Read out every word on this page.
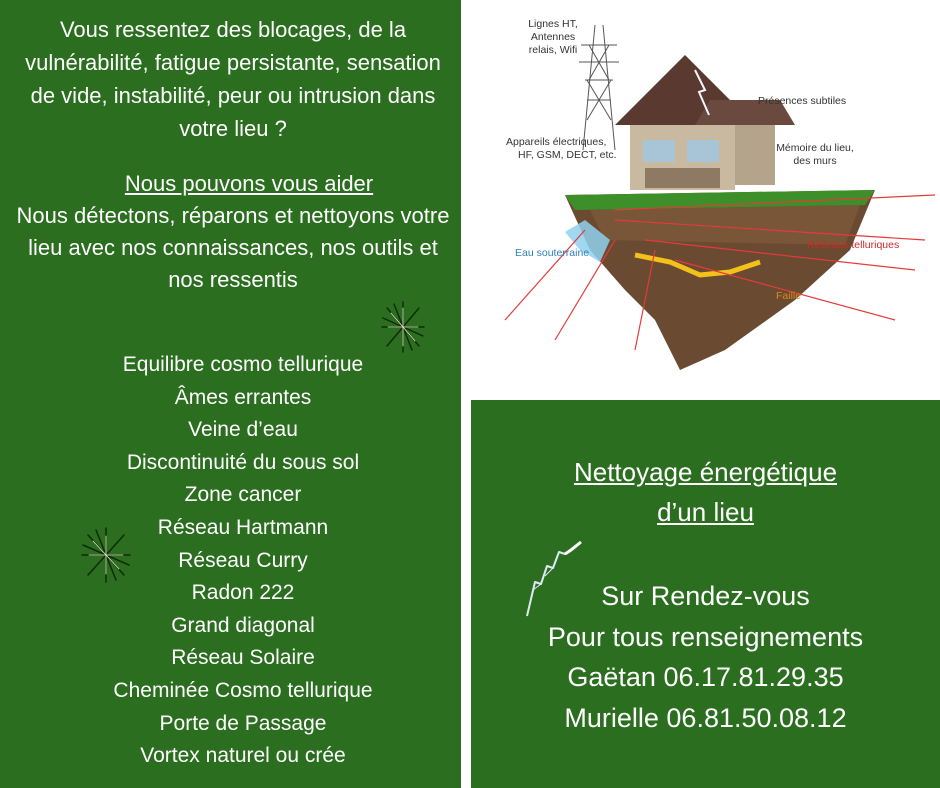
Vous ressentez des blocages, de la vulnérabilité, fatigue persistante, sensation de vide, instabilité, peur ou intrusion dans votre lieu ?

Nous pouvons vous aider

Nous détectons, réparons et nettoyons votre lieu avec nos connaissances, nos outils et nos ressentis

Equilibre cosmo tellurique
Âmes errantes
Veine d’eau
Discontinuité du sous sol
Zone cancer
Réseau Hartmann
Réseau Curry
Radon 222
Grand diagonal
Réseau Solaire
Cheminée Cosmo tellurique
Porte de Passage
Vortex naturel ou crée
Lignes HT,
Antennes
relais, Wifi
Présences subtiles
Appareils électriques,
HF, GSM, DECT, etc.
Mémoire du lieu,
des murs
Eau souterraine
Réseaux telluriques
Faille
Nettoyage énergétique
d’un lieu
Sur Rendez-vous
Pour tous renseignements
Gaëtan 06.17.81.29.35
Murielle 06.81.50.08.12
